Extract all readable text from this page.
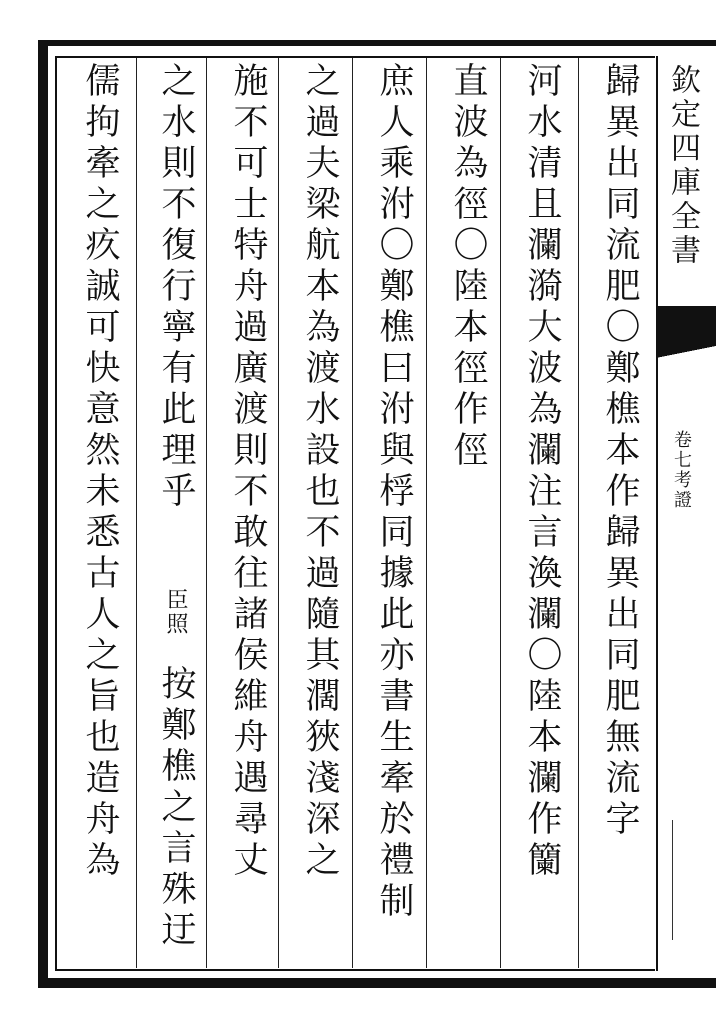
欽定四庫全書
卷七考證
歸異出同流肥〇鄭樵本作歸異出同肥無流字
河水清且瀾漪大波為瀾注言渙瀾〇陸本瀾作籣
直波為徑〇陸本徑作俓
庶人乘泭〇鄭樵曰泭與桴同據此亦書生牽於禮制
之過夫梁航本為渡水設也不過隨其濶狹淺深之
施不可士特舟過廣渡則不敢往諸侯維舟遇尋丈
之水則不復行寧有此理乎
臣照
按鄭樵之言殊迂
儒拘牽之疚誠可快意然未悉古人之旨也造舟為
